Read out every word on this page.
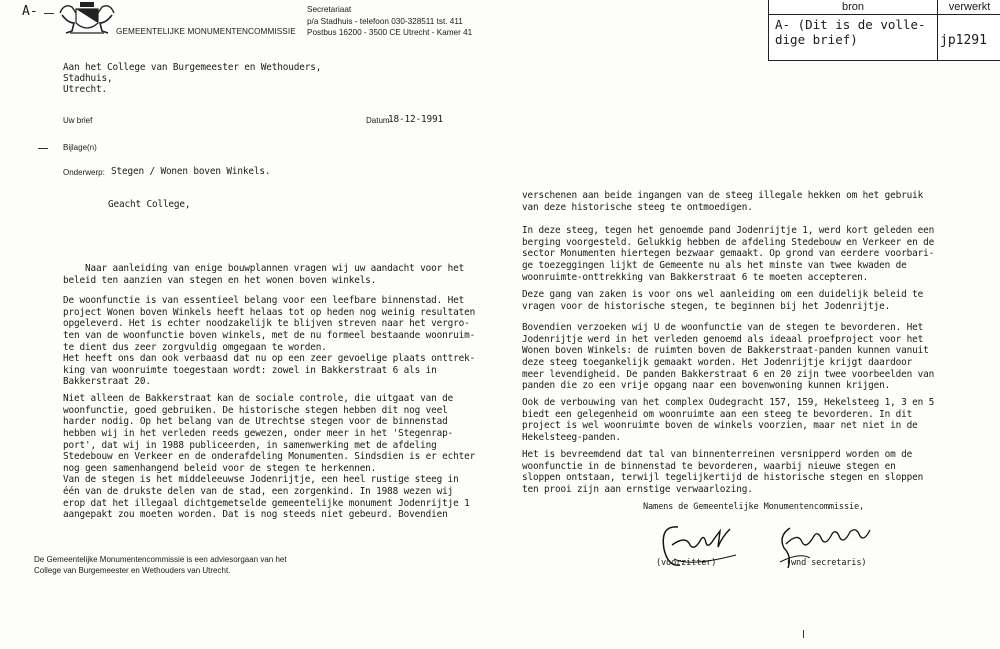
A-
GEMEENTELIJKE MONUMENTENCOMMISSIE
Secretariaat
p/a Stadhuis - telefoon 030-328511 tst. 411
Postbus 16200 - 3500 CE Utrecht - Kamer 41
bron	verwerkt
A- (Dit is de volle-
dige brief)	jp1291
Aan het College van Burgemeester en Wethouders,
Stadhuis,
Utrecht.
Uw brief	Datum
18-12-1991
Bijlage(n)
Onderwerp: Stegen / Wonen boven Winkels.
Geacht College,

Naar aanleiding van enige bouwplannen vragen wij uw aandacht voor het
beleid ten aanzien van stegen en het wonen boven winkels.

De woonfunctie is van essentieel belang voor een leefbare binnenstad. Het
project Wonen boven Winkels heeft helaas tot op heden nog weinig resultaten
opgeleverd. Het is echter noodzakelijk te blijven streven naar het vergro-
ten van de woonfunctie boven winkels, met de nu formeel bestaande woonruim-
te dient dus zeer zorgvuldig omgegaan te worden.
Het heeft ons dan ook verbaasd dat nu op een zeer gevoelige plaats onttrek-
king van woonruimte toegestaan wordt: zowel in Bakkerstraat 6 als in
Bakkerstraat 20.

Niet alleen de Bakkerstraat kan de sociale controle, die uitgaat van de
woonfunctie, goed gebruiken. De historische stegen hebben dit nog veel
harder nodig. Op het belang van de Utrechtse stegen voor de binnenstad
hebben wij in het verleden reeds gewezen, onder meer in het 'Stegenrap-
port', dat wij in 1988 publiceerden, in samenwerking met de afdeling
Stedebouw en Verkeer en de onderafdeling Monumenten. Sindsdien is er echter
nog geen samenhangend beleid voor de stegen te herkennen.
Van de stegen is het middeleeuwse Jodenrijtje, een heel rustige steeg in
één van de drukste delen van de stad, een zorgenkind. In 1988 wezen wij
erop dat het illegaal dichtgemetselde gemeentelijke monument Jodenrijtje 1
aangepakt zou moeten worden. Dat is nog steeds niet gebeurd. Bovendien

verschenen aan beide ingangen van de steeg illegale hekken om het gebruik
van deze historische steeg te ontmoedigen.

In deze steeg, tegen het genoemde pand Jodenrijtje 1, werd kort geleden een
berging voorgesteld. Gelukkig hebben de afdeling Stedebouw en Verkeer en de
sector Monumenten hiertegen bezwaar gemaakt. Op grond van eerdere voorbari-
ge toezeggingen lijkt de Gemeente nu als het minste van twee kwaden de
woonruimte-onttrekking van Bakkerstraat 6 te moeten accepteren.

Deze gang van zaken is voor ons wel aanleiding om een duidelijk beleid te
vragen voor de historische stegen, te beginnen bij het Jodenrijtje.

Bovendien verzoeken wij U de woonfunctie van de stegen te bevorderen. Het
Jodenrijtje werd in het verleden genoemd als ideaal proefproject voor het
Wonen boven Winkels: de ruimten boven de Bakkerstraat-panden kunnen vanuit
deze steeg toegankelijk gemaakt worden. Het Jodenrijtje krijgt daardoor
meer levendigheid. De panden Bakkerstraat 6 en 20 zijn twee voorbeelden van
panden die zo een vrije opgang naar een bovenwoning kunnen krijgen.

Ook de verbouwing van het complex Oudegracht 157, 159, Hekelsteeg 1, 3 en 5
biedt een gelegenheid om woonruimte aan een steeg te bevorderen. In dit
project is wel woonruimte boven de winkels voorzien, maar net niet in de
Hekelsteeg-panden.

Het is bevreemdend dat tal van binnenterreinen versnipperd worden om de
woonfunctie in de binnenstad te bevorderen, waarbij nieuwe stegen en
sloppen ontstaan, terwijl tegelijkertijd de historische stegen en sloppen
ten prooi zijn aan ernstige verwaarlozing.

Namens de Gemeentelijke Monumentencommissie,
(voorzitter)	(wnd secretaris)
De Gemeentelijke Monumentencommissie is een adviesorgaan van het
College van Burgemeester en Wethouders van Utrecht.
